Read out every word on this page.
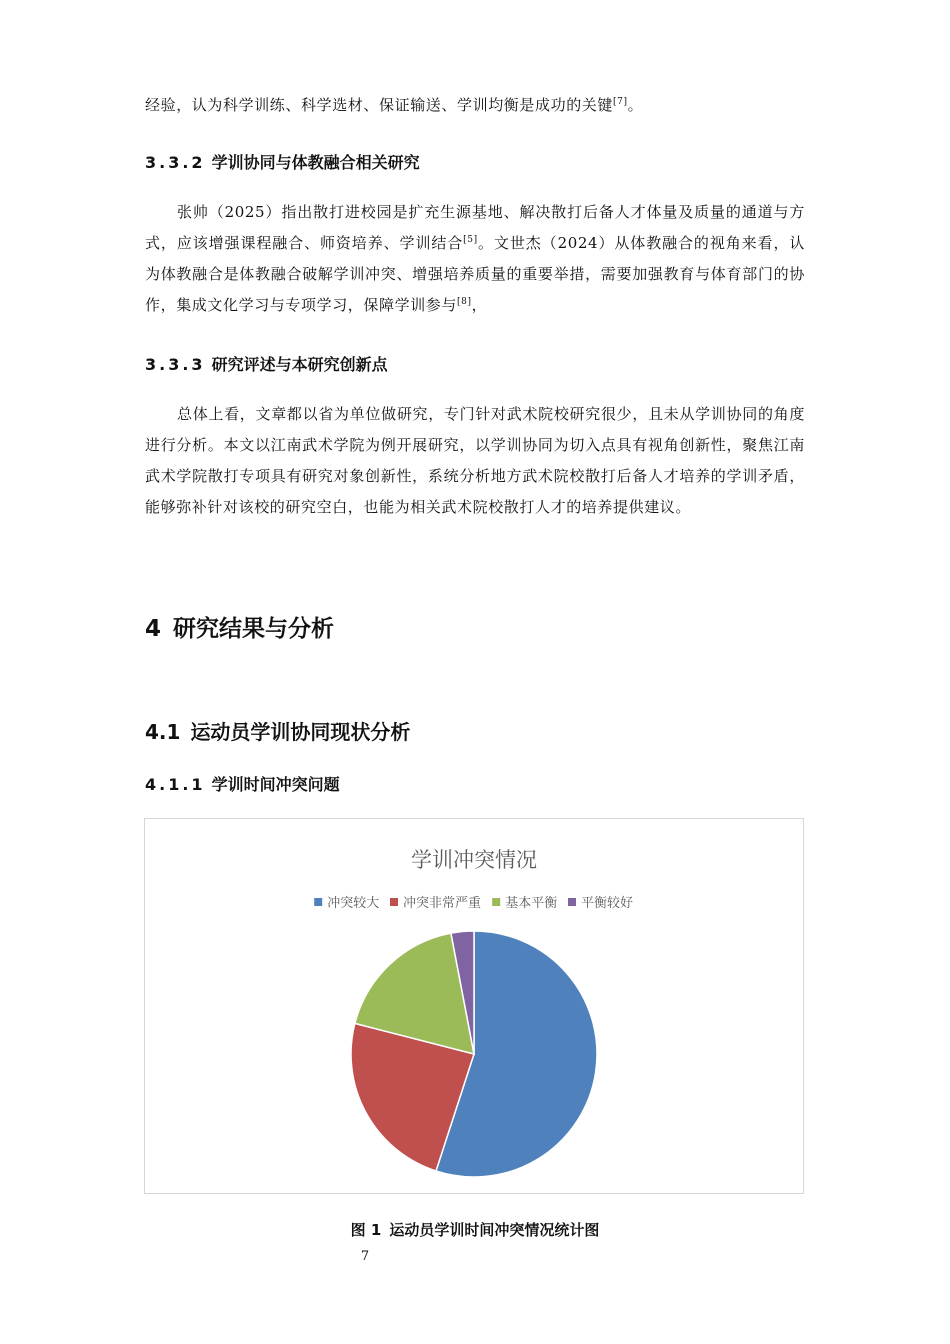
经验，认为科学训练、科学选材、保证输送、学训均衡是成功的关键[7]。

3.3.2 学训协同与体教融合相关研究

张帅（2025）指出散打进校园是扩充生源基地、解决散打后备人才体量及质量的通道与方式，应该增强课程融合、师资培养、学训结合[5]。文世杰（2024）从体教融合的视角来看，认为体教融合是体教融合破解学训冲突、增强培养质量的重要举措，需要加强教育与体育部门的协作，集成文化学习与专项学习，保障学训参与[8]，

3.3.3 研究评述与本研究创新点

总体上看，文章都以省为单位做研究，专门针对武术院校研究很少，且未从学训协同的角度进行分析。本文以江南武术学院为例开展研究，以学训协同为切入点具有视角创新性，聚焦江南武术学院散打专项具有研究对象创新性，系统分析地方武术院校散打后备人才培养的学训矛盾，能够弥补针对该校的研究空白，也能为相关武术院校散打人才的培养提供建议。

4 研究结果与分析
4.1 运动员学训协同现状分析
4.1.1 学训时间冲突问题
学训冲突情况
冲突较大 冲突非常严重 基本平衡 平衡较好

图 1 运动员学训时间冲突情况统计图

7
